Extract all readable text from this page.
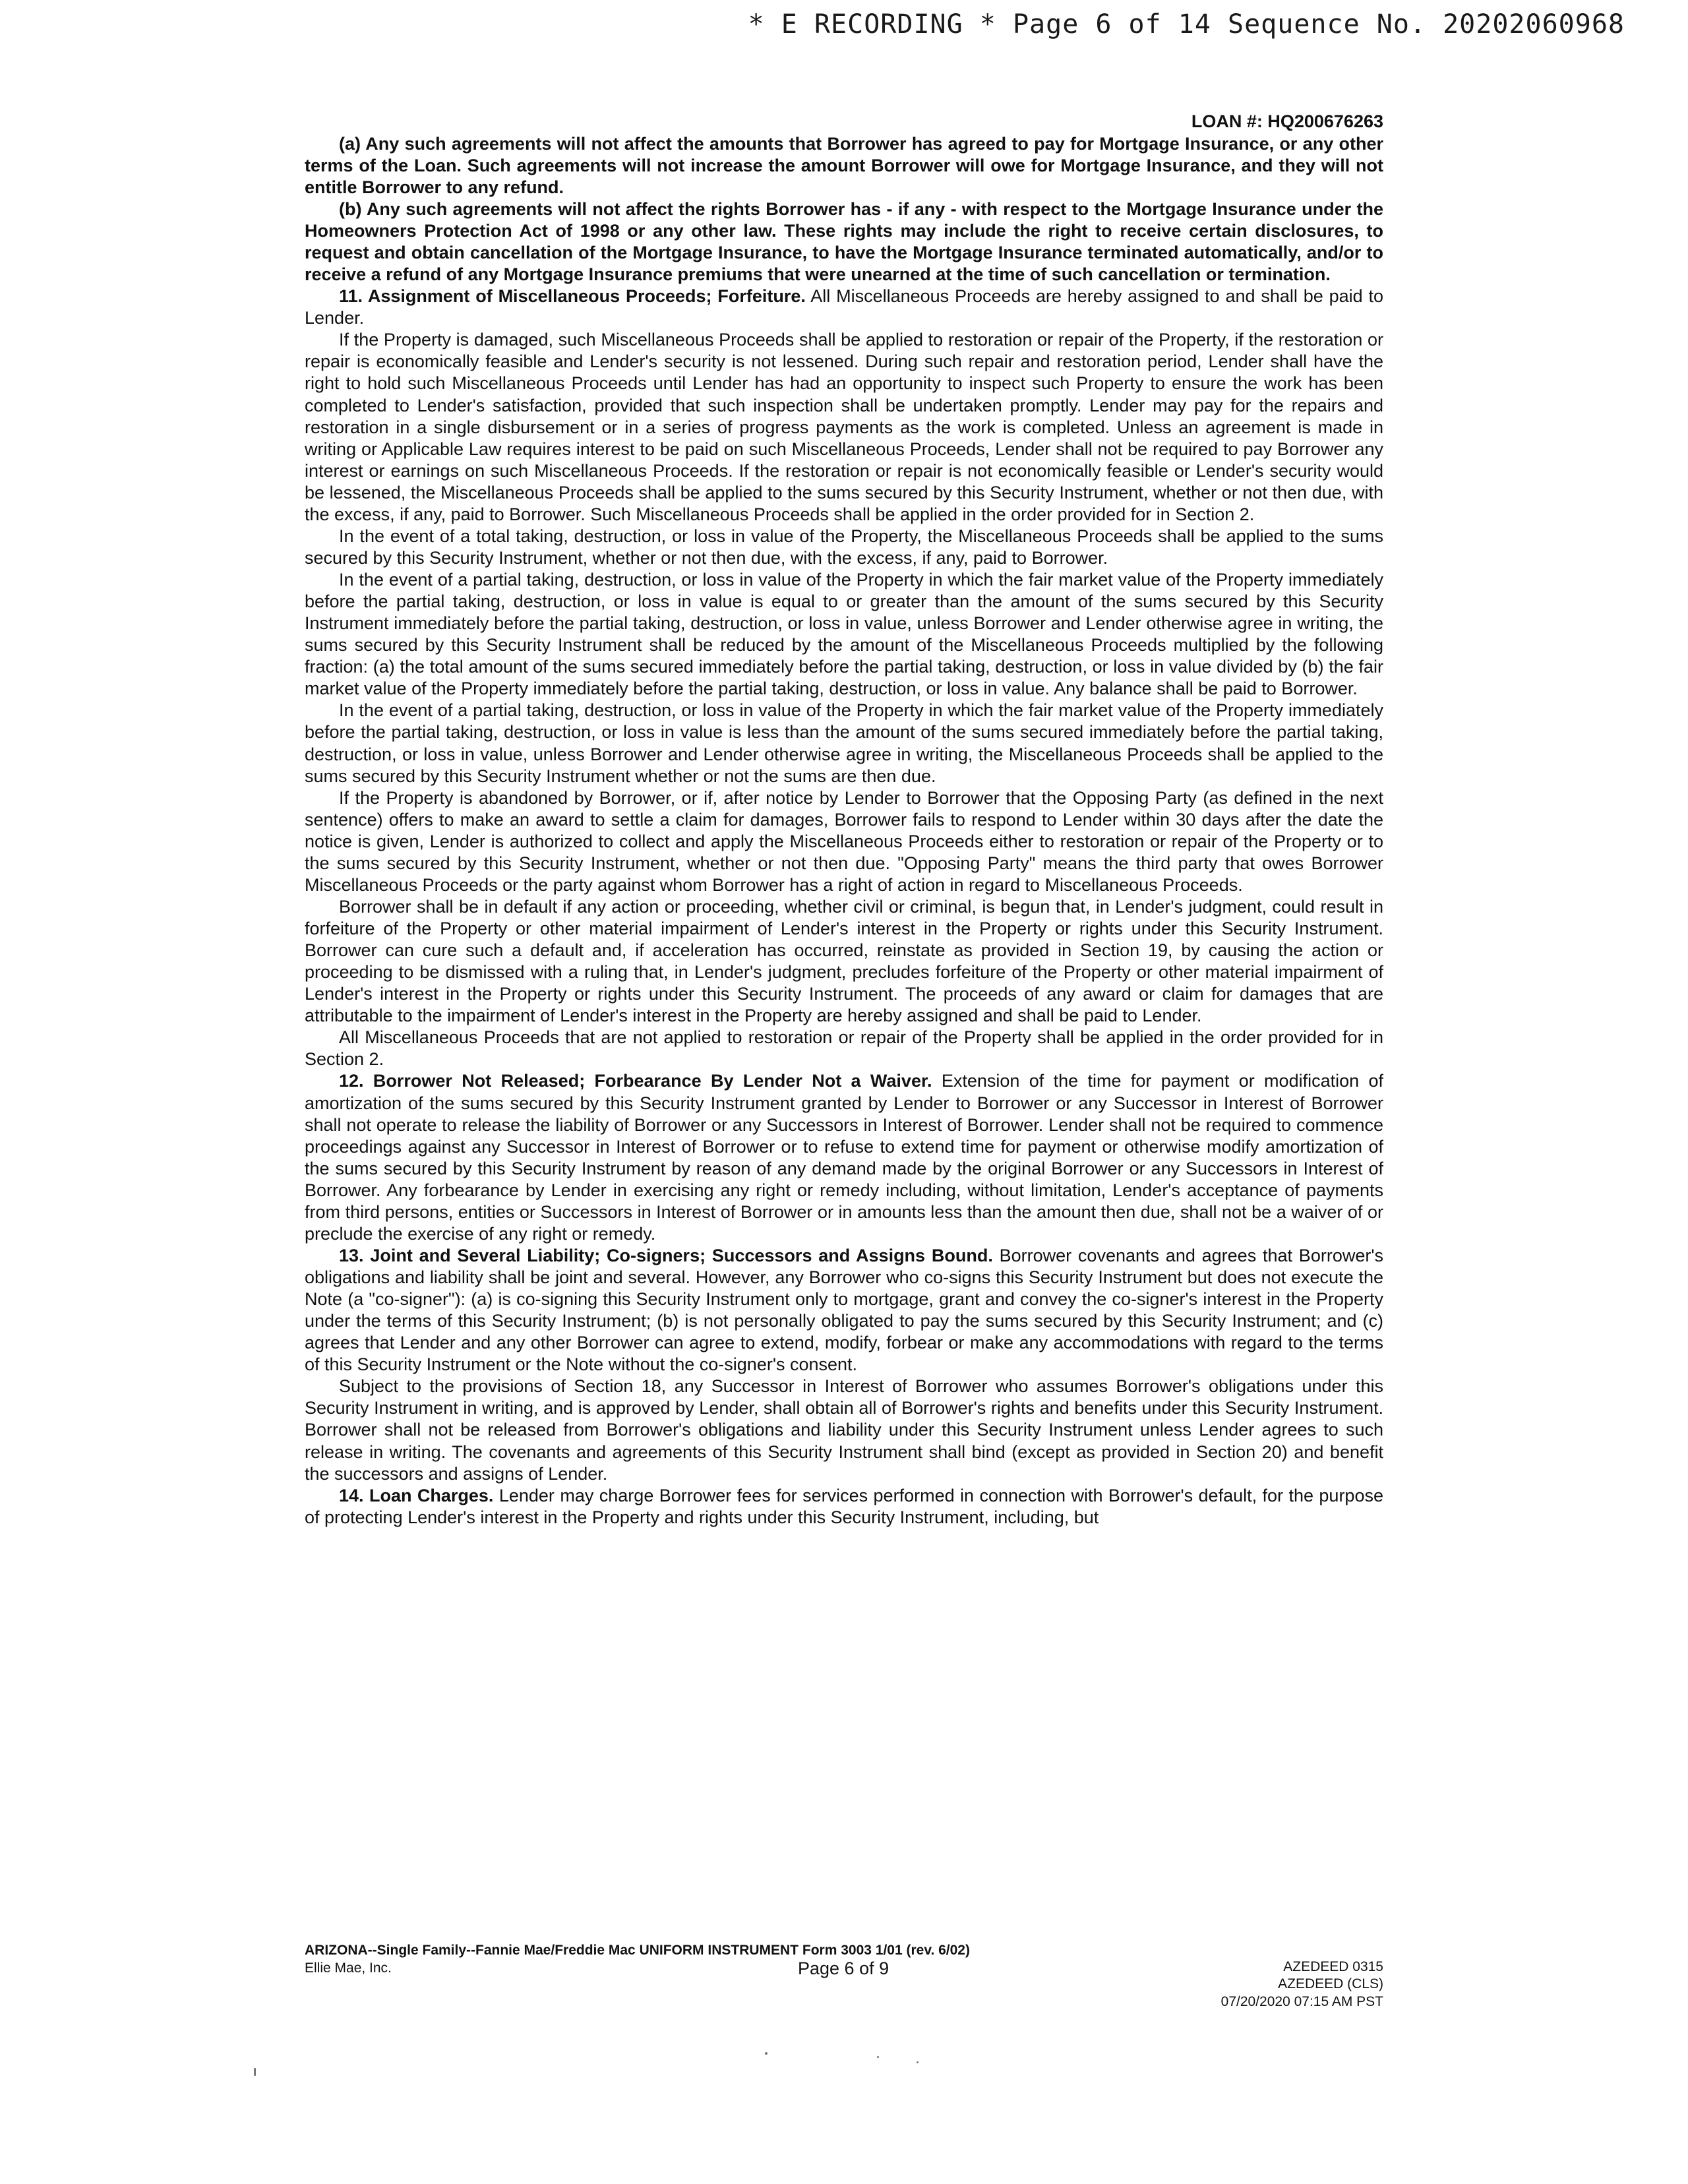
* E RECORDING * Page 6 of 14 Sequence No. 20202060968
LOAN #: HQ200676263

(a) Any such agreements will not affect the amounts that Borrower has agreed to pay for Mortgage Insurance, or any other terms of the Loan. Such agreements will not increase the amount Borrower will owe for Mortgage Insurance, and they will not entitle Borrower to any refund.

(b) Any such agreements will not affect the rights Borrower has - if any - with respect to the Mortgage Insurance under the Homeowners Protection Act of 1998 or any other law. These rights may include the right to receive certain disclosures, to request and obtain cancellation of the Mortgage Insurance, to have the Mortgage Insurance terminated automatically, and/or to receive a refund of any Mortgage Insurance premiums that were unearned at the time of such cancellation or termination.

11. Assignment of Miscellaneous Proceeds; Forfeiture. All Miscellaneous Proceeds are hereby assigned to and shall be paid to Lender.

If the Property is damaged, such Miscellaneous Proceeds shall be applied to restoration or repair of the Property, if the restoration or repair is economically feasible and Lender's security is not lessened. During such repair and restoration period, Lender shall have the right to hold such Miscellaneous Proceeds until Lender has had an opportunity to inspect such Property to ensure the work has been completed to Lender's satisfaction, provided that such inspection shall be undertaken promptly. Lender may pay for the repairs and restoration in a single disbursement or in a series of progress payments as the work is completed. Unless an agreement is made in writing or Applicable Law requires interest to be paid on such Miscellaneous Proceeds, Lender shall not be required to pay Borrower any interest or earnings on such Miscellaneous Proceeds. If the restoration or repair is not economically feasible or Lender's security would be lessened, the Miscellaneous Proceeds shall be applied to the sums secured by this Security Instrument, whether or not then due, with the excess, if any, paid to Borrower. Such Miscellaneous Proceeds shall be applied in the order provided for in Section 2.

In the event of a total taking, destruction, or loss in value of the Property, the Miscellaneous Proceeds shall be applied to the sums secured by this Security Instrument, whether or not then due, with the excess, if any, paid to Borrower.

In the event of a partial taking, destruction, or loss in value of the Property in which the fair market value of the Property immediately before the partial taking, destruction, or loss in value is equal to or greater than the amount of the sums secured by this Security Instrument immediately before the partial taking, destruction, or loss in value, unless Borrower and Lender otherwise agree in writing, the sums secured by this Security Instrument shall be reduced by the amount of the Miscellaneous Proceeds multiplied by the following fraction: (a) the total amount of the sums secured immediately before the partial taking, destruction, or loss in value divided by (b) the fair market value of the Property immediately before the partial taking, destruction, or loss in value. Any balance shall be paid to Borrower.

In the event of a partial taking, destruction, or loss in value of the Property in which the fair market value of the Property immediately before the partial taking, destruction, or loss in value is less than the amount of the sums secured immediately before the partial taking, destruction, or loss in value, unless Borrower and Lender otherwise agree in writing, the Miscellaneous Proceeds shall be applied to the sums secured by this Security Instrument whether or not the sums are then due.

If the Property is abandoned by Borrower, or if, after notice by Lender to Borrower that the Opposing Party (as defined in the next sentence) offers to make an award to settle a claim for damages, Borrower fails to respond to Lender within 30 days after the date the notice is given, Lender is authorized to collect and apply the Miscellaneous Proceeds either to restoration or repair of the Property or to the sums secured by this Security Instrument, whether or not then due. "Opposing Party" means the third party that owes Borrower Miscellaneous Proceeds or the party against whom Borrower has a right of action in regard to Miscellaneous Proceeds.

Borrower shall be in default if any action or proceeding, whether civil or criminal, is begun that, in Lender's judgment, could result in forfeiture of the Property or other material impairment of Lender's interest in the Property or rights under this Security Instrument. Borrower can cure such a default and, if acceleration has occurred, reinstate as provided in Section 19, by causing the action or proceeding to be dismissed with a ruling that, in Lender's judgment, precludes forfeiture of the Property or other material impairment of Lender's interest in the Property or rights under this Security Instrument. The proceeds of any award or claim for damages that are attributable to the impairment of Lender's interest in the Property are hereby assigned and shall be paid to Lender.

All Miscellaneous Proceeds that are not applied to restoration or repair of the Property shall be applied in the order provided for in Section 2.

12. Borrower Not Released; Forbearance By Lender Not a Waiver. Extension of the time for payment or modification of amortization of the sums secured by this Security Instrument granted by Lender to Borrower or any Successor in Interest of Borrower shall not operate to release the liability of Borrower or any Successors in Interest of Borrower. Lender shall not be required to commence proceedings against any Successor in Interest of Borrower or to refuse to extend time for payment or otherwise modify amortization of the sums secured by this Security Instrument by reason of any demand made by the original Borrower or any Successors in Interest of Borrower. Any forbearance by Lender in exercising any right or remedy including, without limitation, Lender's acceptance of payments from third persons, entities or Successors in Interest of Borrower or in amounts less than the amount then due, shall not be a waiver of or preclude the exercise of any right or remedy.

13. Joint and Several Liability; Co-signers; Successors and Assigns Bound. Borrower covenants and agrees that Borrower's obligations and liability shall be joint and several. However, any Borrower who co-signs this Security Instrument but does not execute the Note (a "co-signer"): (a) is co-signing this Security Instrument only to mortgage, grant and convey the co-signer's interest in the Property under the terms of this Security Instrument; (b) is not personally obligated to pay the sums secured by this Security Instrument; and (c) agrees that Lender and any other Borrower can agree to extend, modify, forbear or make any accommodations with regard to the terms of this Security Instrument or the Note without the co-signer's consent.

Subject to the provisions of Section 18, any Successor in Interest of Borrower who assumes Borrower's obligations under this Security Instrument in writing, and is approved by Lender, shall obtain all of Borrower's rights and benefits under this Security Instrument. Borrower shall not be released from Borrower's obligations and liability under this Security Instrument unless Lender agrees to such release in writing. The covenants and agreements of this Security Instrument shall bind (except as provided in Section 20) and benefit the successors and assigns of Lender.

14. Loan Charges. Lender may charge Borrower fees for services performed in connection with Borrower's default, for the purpose of protecting Lender's interest in the Property and rights under this Security Instrument, including, but

ARIZONA--Single Family--Fannie Mae/Freddie Mac UNIFORM INSTRUMENT Form 3003 1/01 (rev. 6/02)
Ellie Mae, Inc.	Page 6 of 9	AZEDEED 0315
AZEDEED (CLS)
07/20/2020 07:15 AM PST
